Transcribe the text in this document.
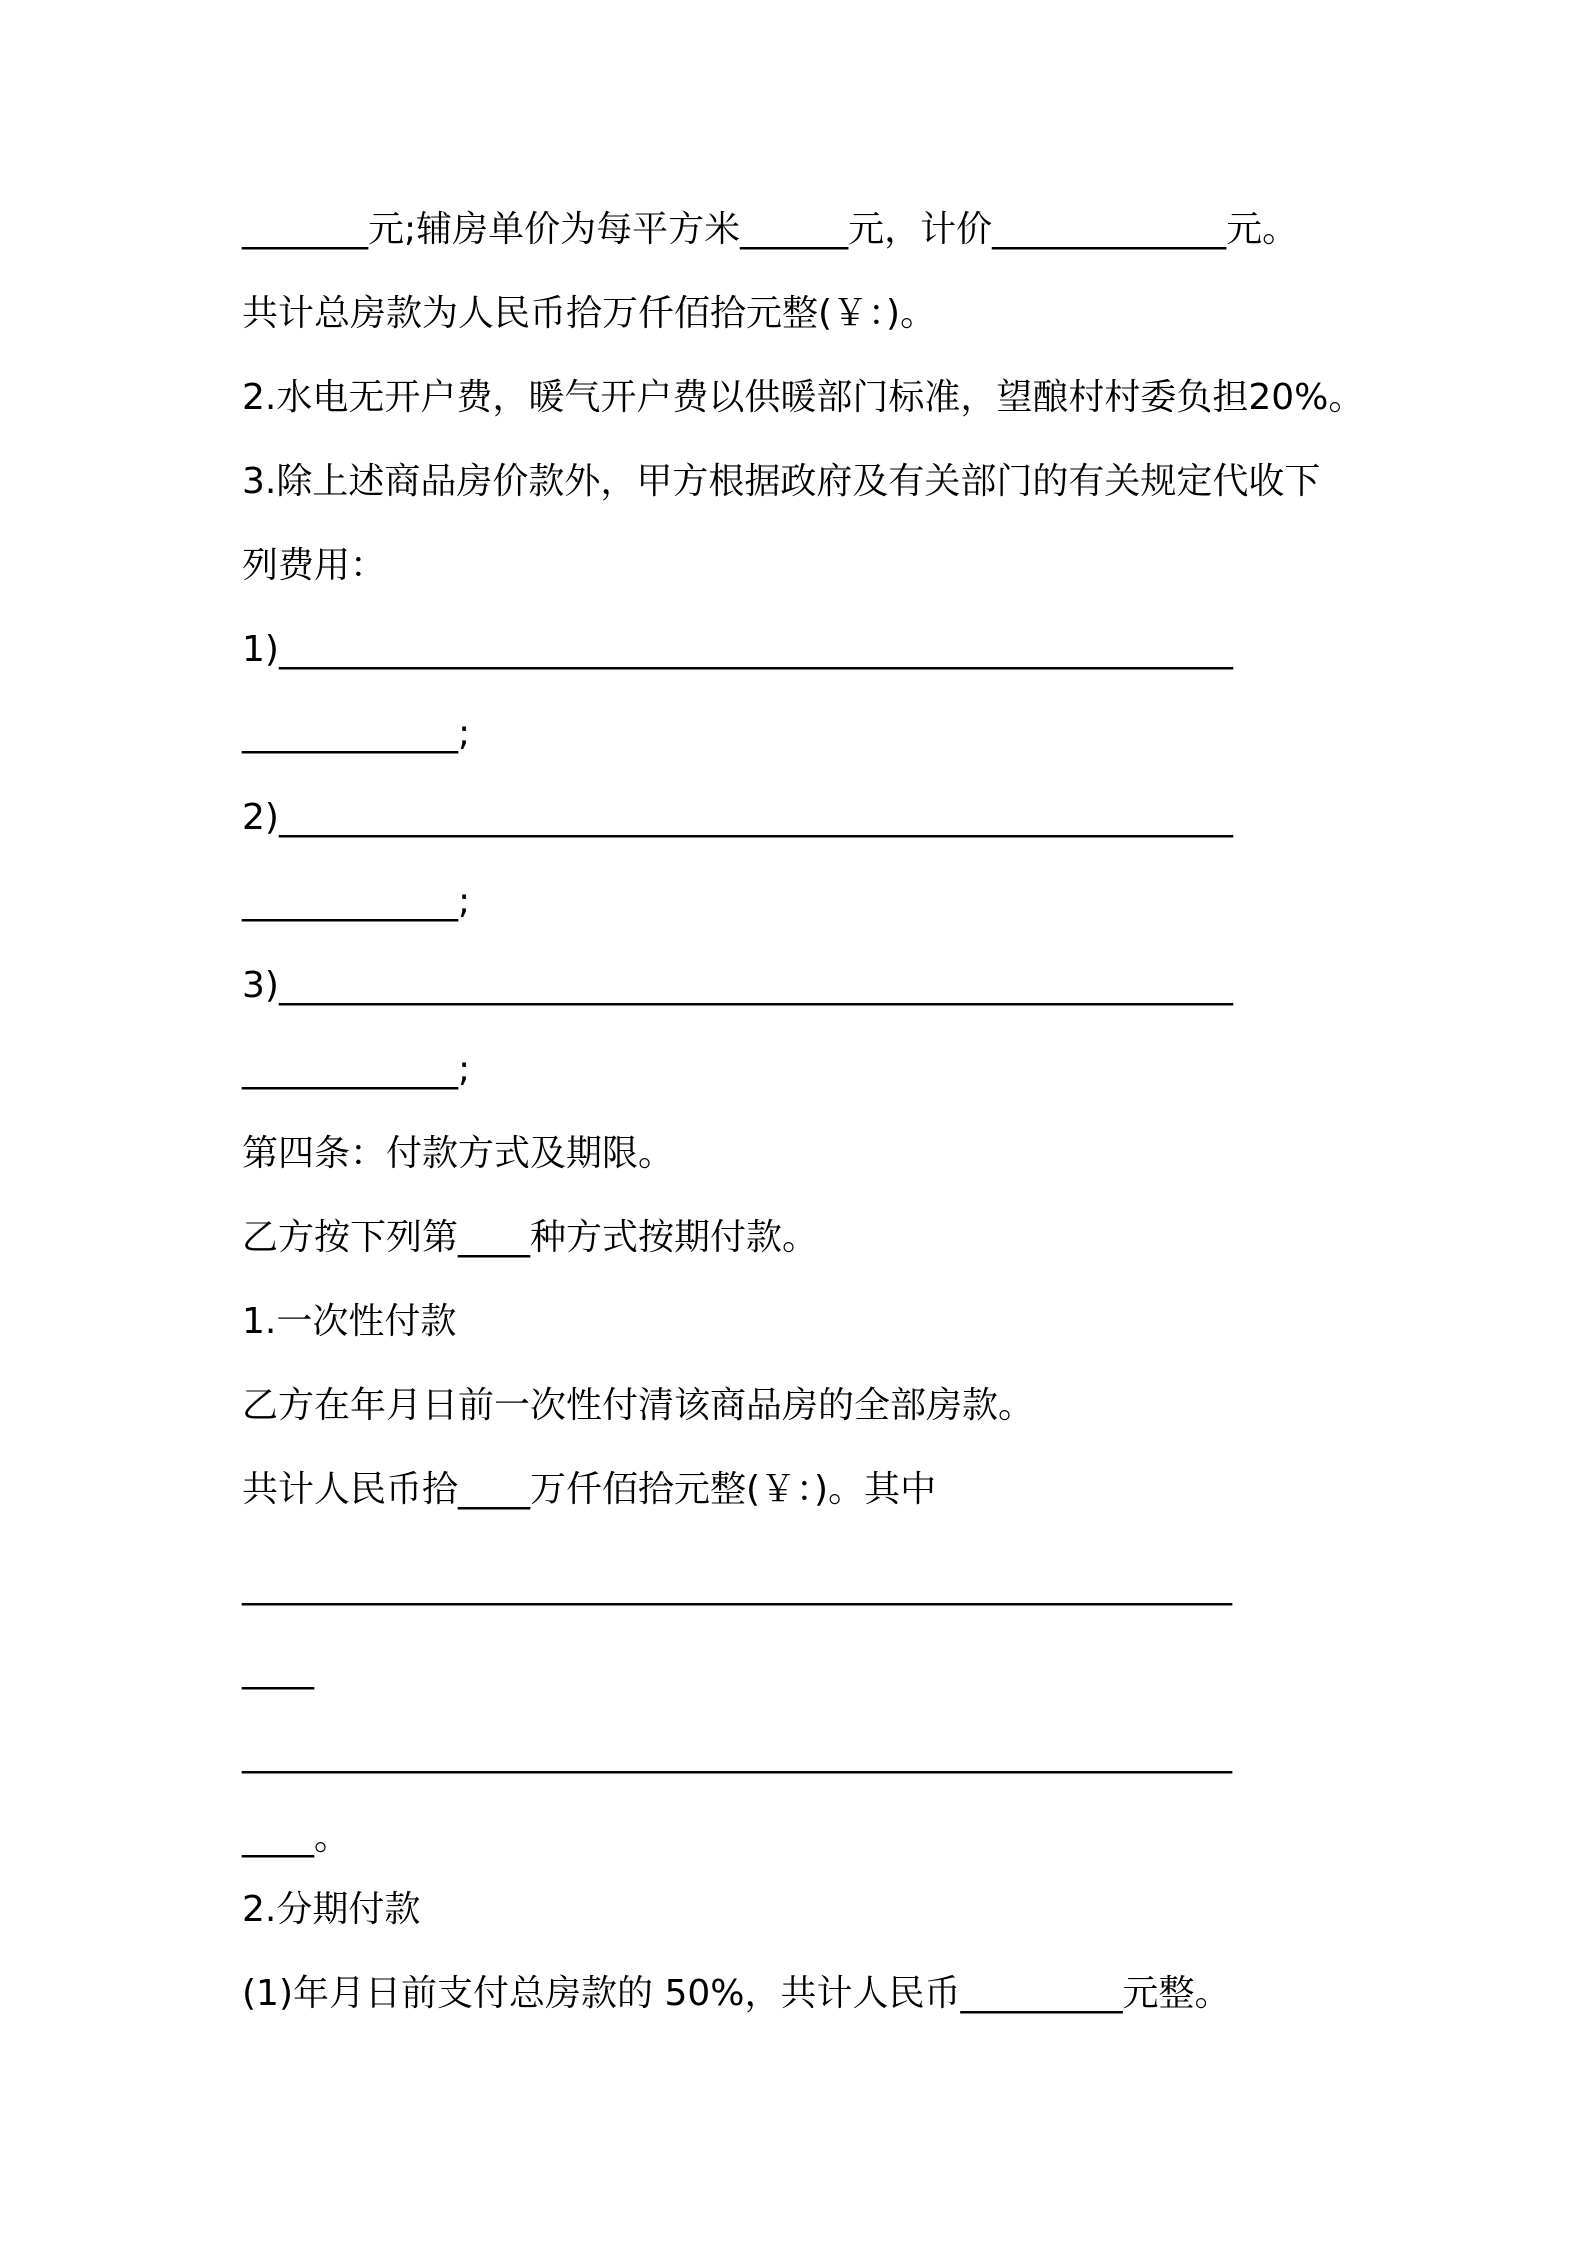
_______元;辅房单价为每平方米______元，计价_____________元。
共计总房款为人民币拾万仟佰拾元整(￥：)。
2.水电无开户费，暖气开户费以供暖部门标准，望酿村村委负担20%。
3.除上述商品房价款外，甲方根据政府及有关部门的有关规定代收下
列费用：
1)_____________________________________________________
____________;
2)_____________________________________________________
____________;
3)_____________________________________________________
____________;
第四条：付款方式及期限。
乙方按下列第____种方式按期付款。
1.一次性付款
乙方在年月日前一次性付清该商品房的全部房款。
共计人民币拾____万仟佰拾元整(￥：)。其中
_______________________________________________________
____
_______________________________________________________
____。
2.分期付款
(1)年月日前支付总房款的 50%，共计人民币_________元整。
